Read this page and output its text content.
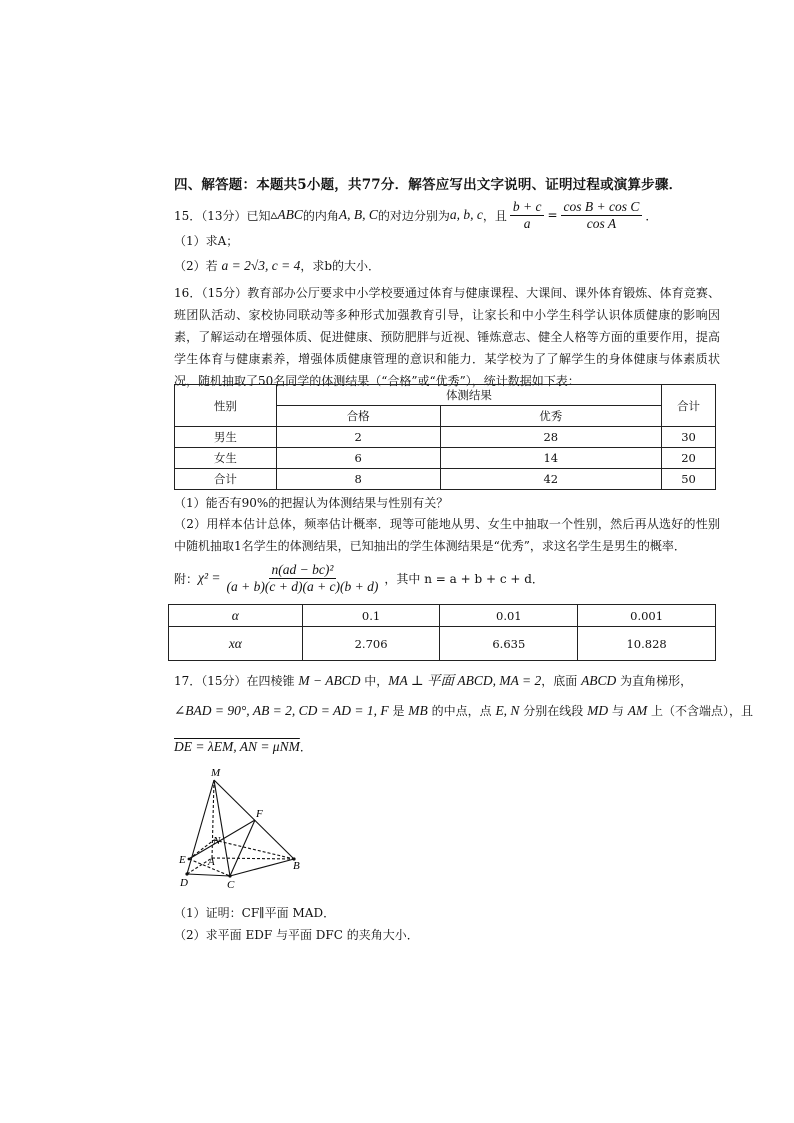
四、解答题：本题共5小题，共77分．解答应写出文字说明、证明过程或演算步骤．
15．（13分）已知 ▵ABC 的内角 A, B, C 的对边分别为 a, b, c ，且 $\frac{b + c}{a} = \frac{\text{cos B + cos C}}{\text{cos A}}$ ．
（1）求A；
（2）若 a = 2√3, c = 4，求b的大小．
16．（15分）教育部办公厅要求中小学校要通过体育与健康课程、大课间、课外体育锻炼、体育竞赛、班团队活动、家校协同联动等多种形式加强教育引导，让家长和中小学生科学认识体质健康的影响因素，了解运动在增强体质、促进健康、预防肥胖与近视、锤炼意志、健全人格等方面的重要作用，提高学生体育与健康素养，增强体质健康管理的意识和能力．某学校为了了解学生的身体健康与体素质状况，随机抽取了50名同学的体测结果（“合格”或“优秀”），统计数据如下表：
性别	体测结果		合计
	合格	优秀	
男生	2	28	30
女生	6	14	20
合计	8	42	50
（1）能否有90%的把握认为体测结果与性别有关？
（2）用样本估计总体，频率估计概率．现等可能地从男、女生中抽取一个性别，然后再从选好的性别中随机抽取1名学生的体测结果，已知抽出的学生体测结果是“优秀”，求这名学生是男生的概率．
附： $\chi^2 = \frac{\text{n(ad − bc)²}}{(a + b)(c + d)(a + c)(b + d)}$ ，其中 n = a + b + c + d．
α	0.1	0.01	0.001
xα	2.706	6.635	10.828
17．（15分）在四棱锥 M − ABCD 中，MA ⊥ 平面 ABCD, MA = 2，底面 ABCD 为直角梯形，
∠BAD = 90°, AB = 2, CD = AD = 1, F 是 MB 的中点，点 E, N 分别在线段 MD 与 AM 上（不含端点），且
DE = λEM, AN = μNM．
M
F
N
A
E	B
D	C
（1）证明：CF∥平面 MAD．
（2）求平面 EDF 与平面 DFC 的夹角大小．
